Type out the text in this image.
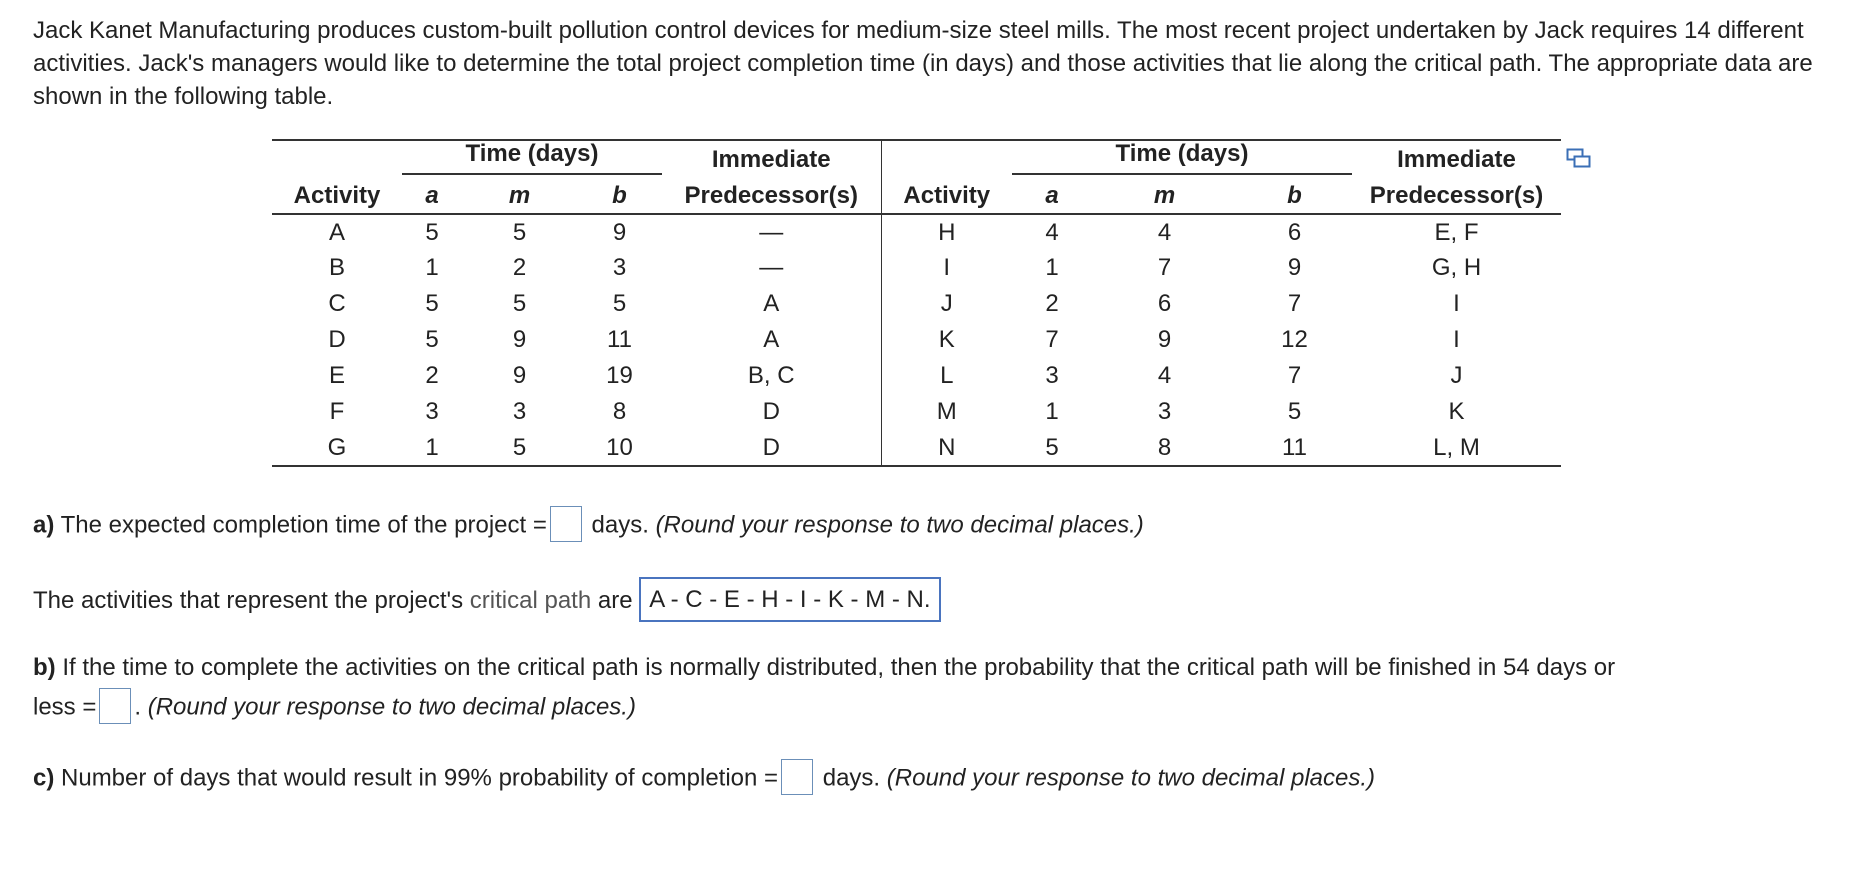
Jack Kanet Manufacturing produces custom-built pollution control devices for medium-size steel mills. The most recent project undertaken by Jack requires 14 different activities. Jack's managers would like to determine the total project completion time (in days) and those activities that lie along the critical path. The appropriate data are shown in the following table.

	Time (days)			Immediate		Time (days)			Immediate
Activity	a	m	b	Predecessor(s)	Activity	a	m	b	Predecessor(s)
A	5	5	9	—	H	4	4	6	E, F
B	1	2	3	—	I	1	7	9	G, H
C	5	5	5	A	J	2	6	7	I
D	5	9	11	A	K	7	9	12	I
E	2	9	19	B, C	L	3	4	7	J
F	3	3	8	D	M	1	3	5	K
G	1	5	10	D	N	5	8	11	L, M

a) The expected completion time of the project = days. (Round your response to two decimal places.)

The activities that represent the project's critical path are A - C - E - H - I - K - M - N.

b) If the time to complete the activities on the critical path is normally distributed, then the probability that the critical path will be finished in 54 days or

less = . (Round your response to two decimal places.)

c) Number of days that would result in 99% probability of completion = days. (Round your response to two decimal places.)
